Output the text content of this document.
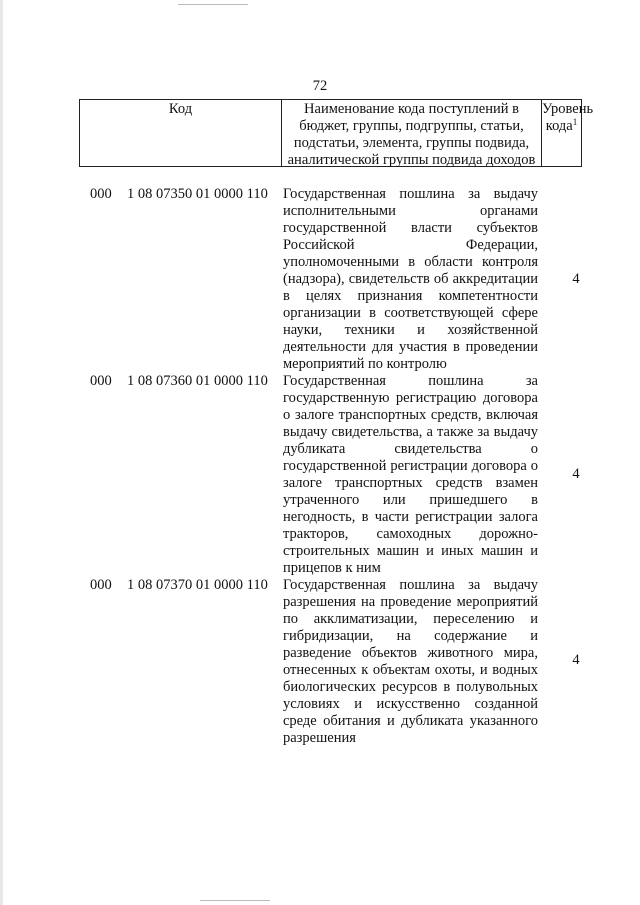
72
Код	Наименование кода поступлений в бюджет, группы, подгруппы, статьи, подстатьи, элемента, группы подвида, аналитической группы подвида доходов
Уровень кода$^1$
000	1 08 07350 01 0000 110	Государственная пошлина за выдачу исполнительными органами государственной власти субъектов Российской Федерации, уполномоченными в области контроля (надзора), свидетельств об аккредитации в целях признания компетентности организации в соответствующей сфере науки, техники и хозяйственной деятельности для участия в проведении мероприятий по контролю
4
000	1 08 07360 01 0000 110	Государственная пошлина за государственную регистрацию договора о залоге транспортных средств, включая выдачу свидетельства, а также за выдачу дубликата свидетельства о государственной регистрации договора о залоге транспортных средств взамен утраченного или пришедшего в негодность, в части регистрации залога тракторов, самоходных дорожно-строительных машин и иных машин и прицепов к ним
4
000	1 08 07370 01 0000 110	Государственная пошлина за выдачу разрешения на проведение мероприятий по акклиматизации, переселению и гибридизации, на содержание и разведение объектов животного мира, отнесенных к объектам охоты, и водных биологических ресурсов в полувольных условиях и искусственно созданной среде обитания и дубликата указанного разрешения
4
